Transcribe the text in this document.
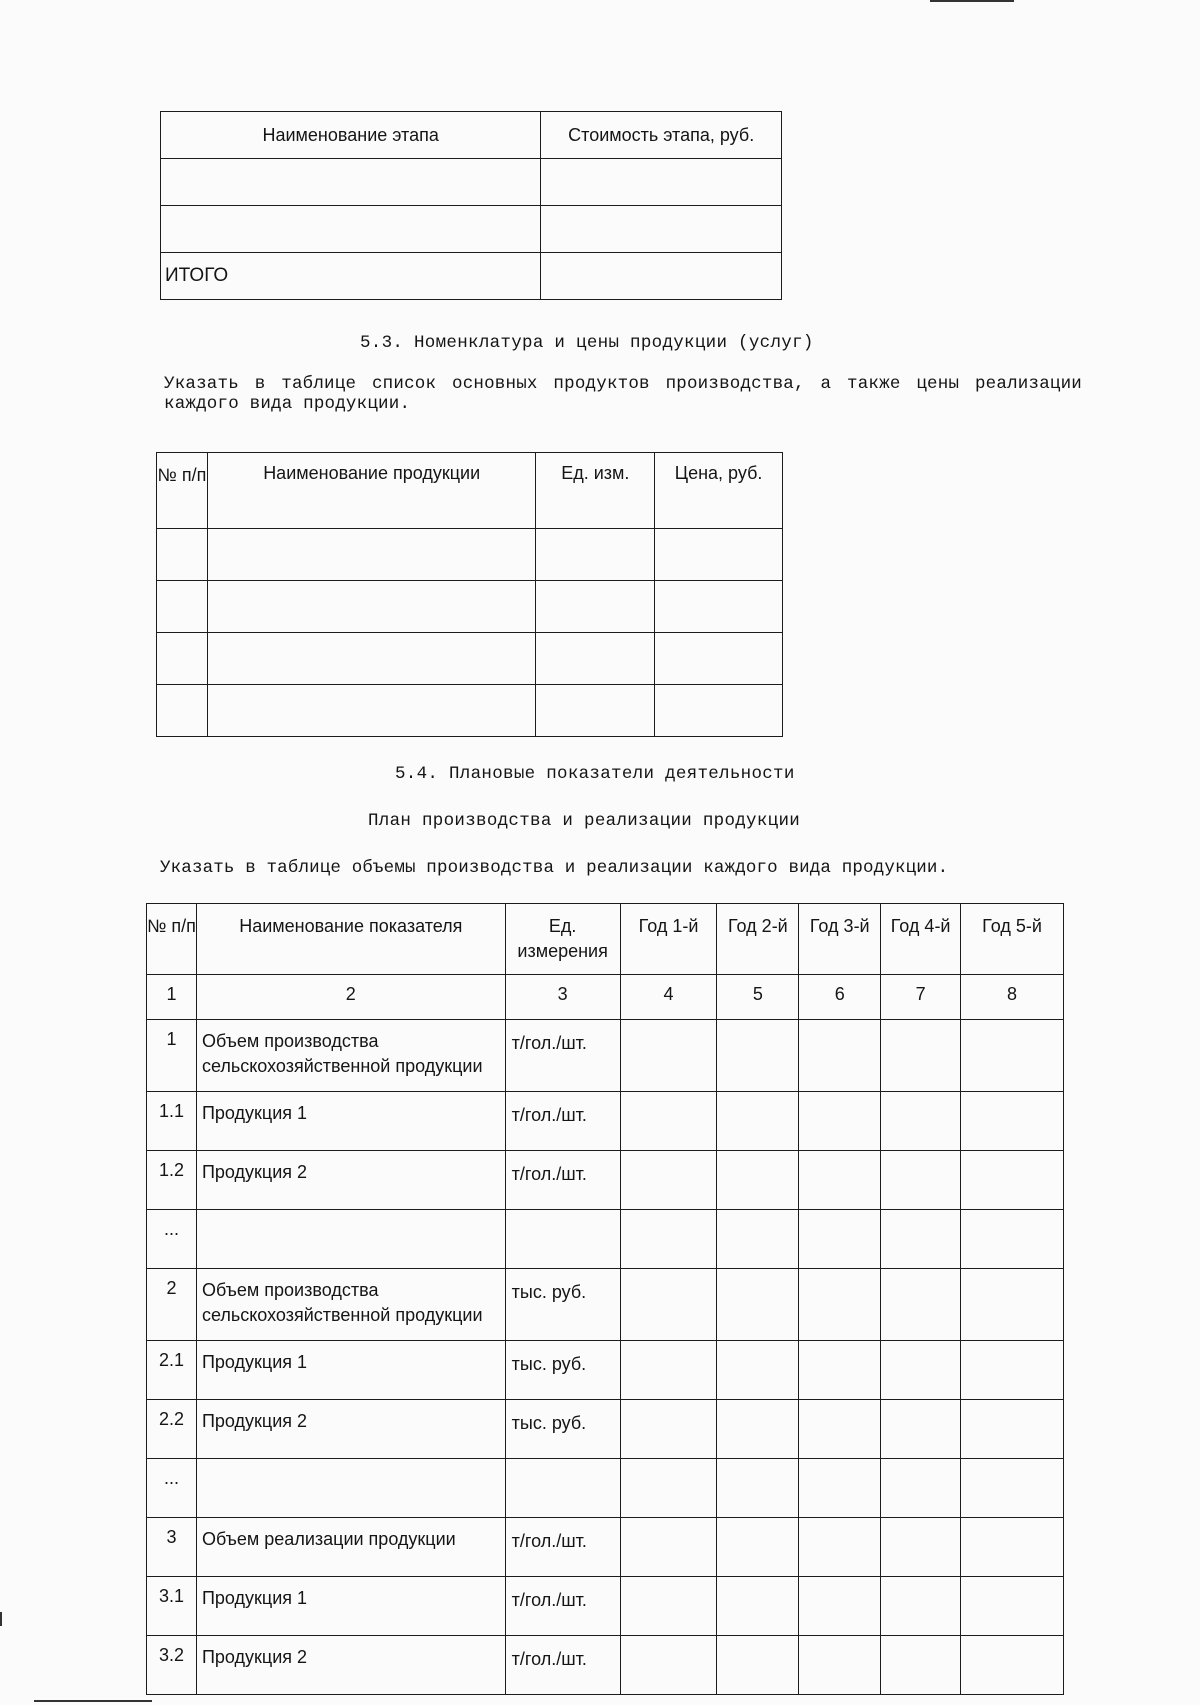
Наименование этапа	Стоимость этапа, руб.

ИТОГО	
5.3. Номенклатура и цены продукции (услуг)
Указать в таблице список основных продуктов производства, а также цены реализации каждого вида продукции.
№ п/п	Наименование продукции	Ед. изм.	Цена, руб.

5.4. Плановые показатели деятельности
План производства и реализации продукции
Указать в таблице объемы производства и реализации каждого вида продукции.
№ п/п	Наименование показателя	Ед. измерения	Год 1-й	Год 2-й	Год 3-й	Год 4-й	Год 5-й
1	2	3	4	5	6	7	8
1	Объем производства сельскохозяйственной продукции	т/гол./шт.					
1.1	Продукция 1	т/гол./шт.					
1.2	Продукция 2	т/гол./шт.					
...							
2	Объем производства сельскохозяйственной продукции	тыс. руб.					
2.1	Продукция 1	тыс. руб.					
2.2	Продукция 2	тыс. руб.					
...							
3	Объем реализации продукции	т/гол./шт.					
3.1	Продукция 1	т/гол./шт.					
3.2	Продукция 2	т/гол./шт.					
